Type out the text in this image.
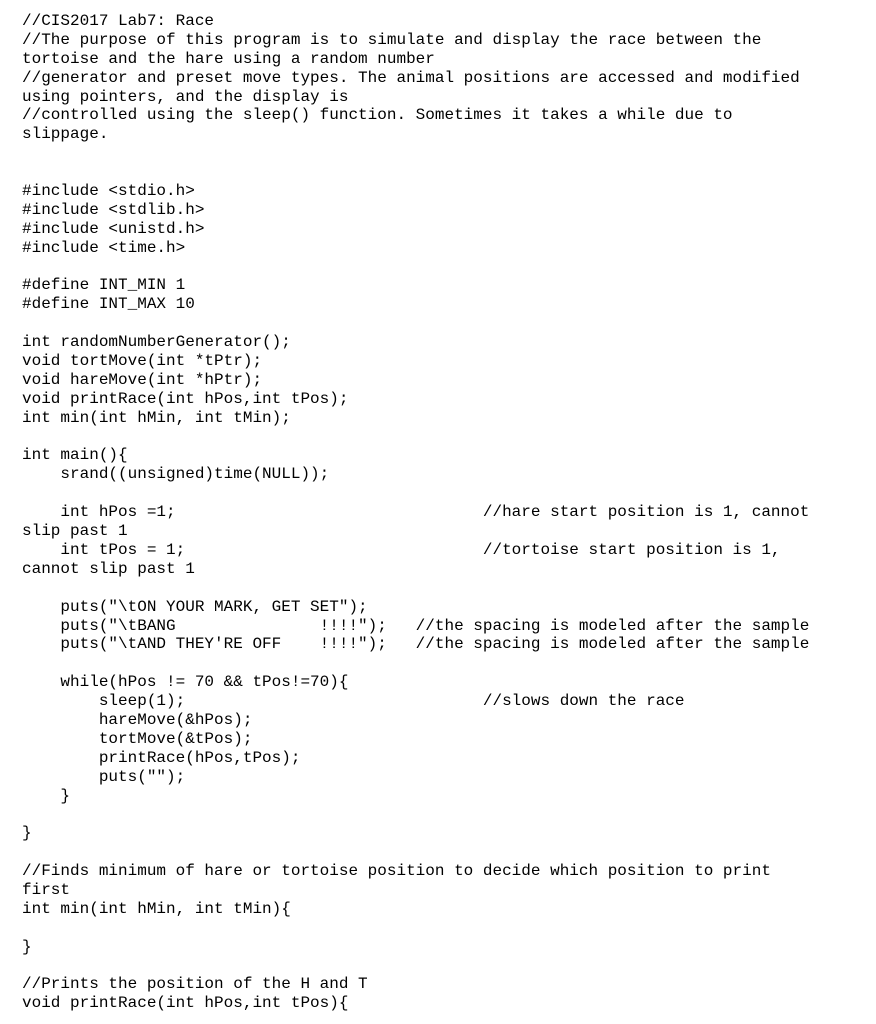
//CIS2017 Lab7: Race
//The purpose of this program is to simulate and display the race between the
tortoise and the hare using a random number
//generator and preset move types. The animal positions are accessed and modified
using pointers, and the display is
//controlled using the sleep() function. Sometimes it takes a while due to
slippage.
#include <stdio.h>
#include <stdlib.h>
#include <unistd.h>
#include <time.h>
#define INT_MIN 1
#define INT_MAX 10
int randomNumberGenerator();
void tortMove(int *tPtr);
void hareMove(int *hPtr);
void printRace(int hPos,int tPos);
int min(int hMin, int tMin);
int main(){
srand((unsigned)time(NULL));
int hPos =1;                                //hare start position is 1, cannot
slip past 1
int tPos = 1;                               //tortoise start position is 1,
cannot slip past 1
puts("\tON YOUR MARK, GET SET");
puts("\tBANG               !!!!");   //the spacing is modeled after the sample
puts("\tAND THEY'RE OFF    !!!!");   //the spacing is modeled after the sample
while(hPos != 70 && tPos!=70){
sleep(1);                               //slows down the race
hareMove(&hPos);
tortMove(&tPos);
printRace(hPos,tPos);
puts("");
}
}
//Finds minimum of hare or tortoise position to decide which position to print
first
int min(int hMin, int tMin){
}
//Prints the position of the H and T
void printRace(int hPos,int tPos){
